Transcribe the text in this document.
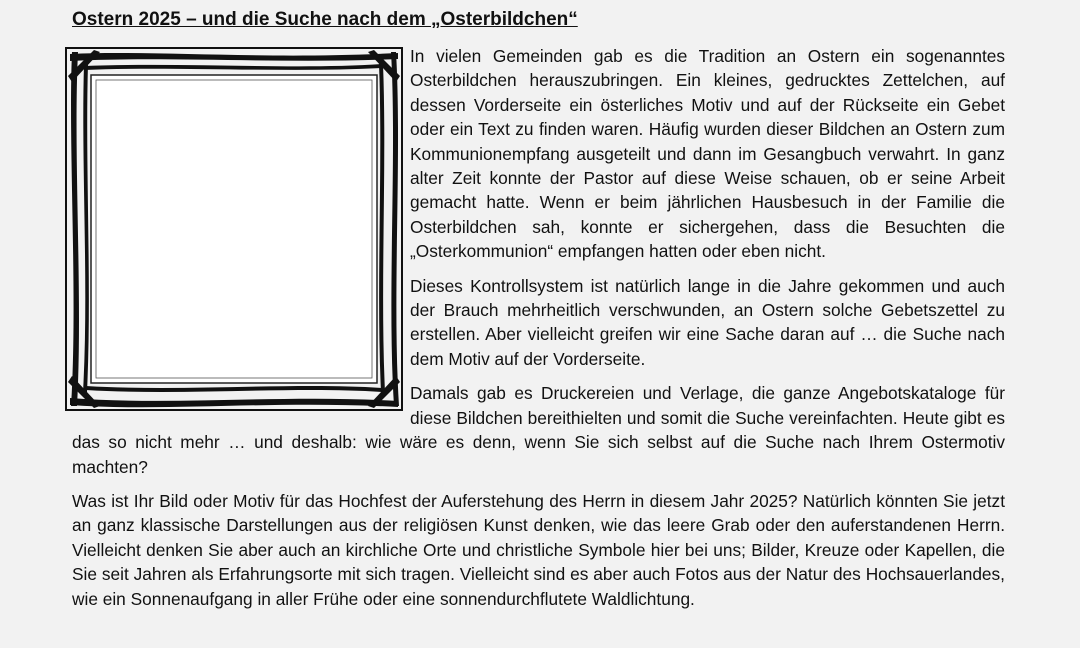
Ostern 2025 – und die Suche nach dem „Osterbildchen“

In vielen Gemeinden gab es die Tradition an Ostern ein sogenanntes Osterbildchen herauszubringen. Ein kleines, gedrucktes Zettelchen, auf dessen Vorderseite ein österliches Motiv und auf der Rückseite ein Gebet oder ein Text zu finden waren. Häufig wurden dieser Bildchen an Ostern zum Kommunionempfang ausgeteilt und dann im Gesangbuch verwahrt. In ganz alter Zeit konnte der Pastor auf diese Weise schauen, ob er seine Arbeit gemacht hatte. Wenn er beim jährlichen Hausbesuch in der Familie die Osterbildchen sah, konnte er sichergehen, dass die Besuchten die „Osterkommunion“ empfangen hatten oder eben nicht.

Dieses Kontrollsystem ist natürlich lange in die Jahre gekommen und auch der Brauch mehrheitlich verschwunden, an Ostern solche Gebetszettel zu erstellen. Aber vielleicht greifen wir eine Sache daran auf … die Suche nach dem Motiv auf der Vorderseite.

Damals gab es Druckereien und Verlage, die ganze Angebotskataloge für diese Bildchen bereithielten und somit die Suche vereinfachten. Heute gibt es das so nicht mehr … und deshalb: wie wäre es denn, wenn Sie sich selbst auf die Suche nach Ihrem Ostermotiv machten?

Was ist Ihr Bild oder Motiv für das Hochfest der Auferstehung des Herrn in diesem Jahr 2025? Natürlich könnten Sie jetzt an ganz klassische Darstellungen aus der religiösen Kunst denken, wie das leere Grab oder den auferstandenen Herrn. Vielleicht denken Sie aber auch an kirchliche Orte und christliche Symbole hier bei uns; Bilder, Kreuze oder Kapellen, die Sie seit Jahren als Erfahrungsorte mit sich tragen. Vielleicht sind es aber auch Fotos aus der Natur des Hochsauerlandes, wie ein Sonnenaufgang in aller Frühe oder eine sonnendurchflutete Waldlichtung.
